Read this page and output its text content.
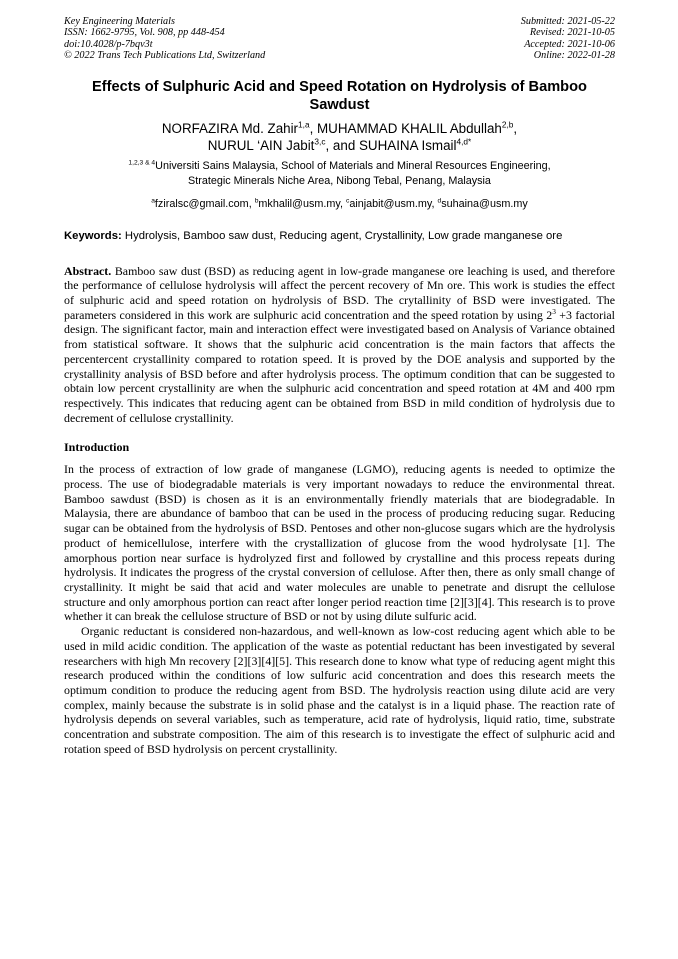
Key Engineering Materials
ISSN: 1662-9795, Vol. 908, pp 448-454
doi:10.4028/p-7bqv3t
© 2022 Trans Tech Publications Ltd, Switzerland
Submitted: 2021-05-22
Revised: 2021-10-05
Accepted: 2021-10-06
Online: 2022-01-28
Effects of Sulphuric Acid and Speed Rotation on Hydrolysis of Bamboo Sawdust
NORFAZIRA Md. Zahir$^{1,a}$, MUHAMMAD KHALIL Abdullah$^{2,b}$,
NURUL ‘AIN Jabit$^{3,c}$, and SUHAINA Ismail$^{4,d*}$
$^{1,2,3 \& 4}$Universiti Sains Malaysia, School of Materials and Mineral Resources Engineering,
Strategic Minerals Niche Area, Nibong Tebal, Penang, Malaysia
$^a$fziralsc@gmail.com, $^b$mkhalil@usm.my, $^c$ainjabit@usm.my, $^d$suhaina@usm.my
Keywords: Hydrolysis, Bamboo saw dust, Reducing agent, Crystallinity, Low grade manganese ore
Abstract. Bamboo saw dust (BSD) as reducing agent in low-grade manganese ore leaching is used, and therefore the performance of cellulose hydrolysis will affect the percent recovery of Mn ore. This work is studies the effect of sulphuric acid and speed rotation on hydrolysis of BSD. The crytallinity of BSD were investigated. The parameters considered in this work are sulphuric acid concentration and the speed rotation by using $2^3 +3$ factorial design. The significant factor, main and interaction effect were investigated based on Analysis of Variance obtained from statistical software. It shows that the sulphuric acid concentration is the main factors that affects the percentercent crystallinity compared to rotation speed. It is proved by the DOE analysis and supported by the crystallinity analysis of BSD before and after hydrolysis process. The optimum condition that can be suggested to obtain low percent crystallinity are when the sulphuric acid concentration and speed rotation at 4M and 400 rpm respectively. This indicates that reducing agent can be obtained from BSD in mild condition of hydrolysis due to decrement of cellulose crystallinity.
Introduction
In the process of extraction of low grade of manganese (LGMO), reducing agents is needed to optimize the process. The use of biodegradable materials is very important nowadays to reduce the environmental threat. Bamboo sawdust (BSD) is chosen as it is an environmentally friendly materials that are biodegradable. In Malaysia, there are abundance of bamboo that can be used in the process of producing reducing sugar. Reducing sugar can be obtained from the hydrolysis of BSD. Pentoses and other non-glucose sugars which are the hydrolysis product of hemicellulose, interfere with the crystallization of glucose from the wood hydrolysate [1]. The amorphous portion near surface is hydrolyzed first and followed by crystalline and this process repeats during hydrolysis. It indicates the progress of the crystal conversion of cellulose. After then, there as only small change of crystallinity. It might be said that acid and water molecules are unable to penetrate and disrupt the cellulose structure and only amorphous portion can react after longer period reaction time [2][3][4]. This research is to prove whether it can break the cellulose structure of BSD or not by using dilute sulfuric acid.
Organic reductant is considered non-hazardous, and well-known as low-cost reducing agent which able to be used in mild acidic condition. The application of the waste as potential reductant has been investigated by several researchers with high Mn recovery [2][3][4][5]. This research done to know what type of reducing agent might this research produced within the conditions of low sulfuric acid concentration and does this research meets the optimum condition to produce the reducing agent from BSD. The hydrolysis reaction using dilute acid are very complex, mainly because the substrate is in solid phase and the catalyst is in a liquid phase. The reaction rate of hydrolysis depends on several variables, such as temperature, acid rate of hydrolysis, liquid ratio, time, substrate concentration and substrate composition. The aim of this research is to investigate the effect of sulphuric acid and rotation speed of BSD hydrolysis on percent crystallinity.
